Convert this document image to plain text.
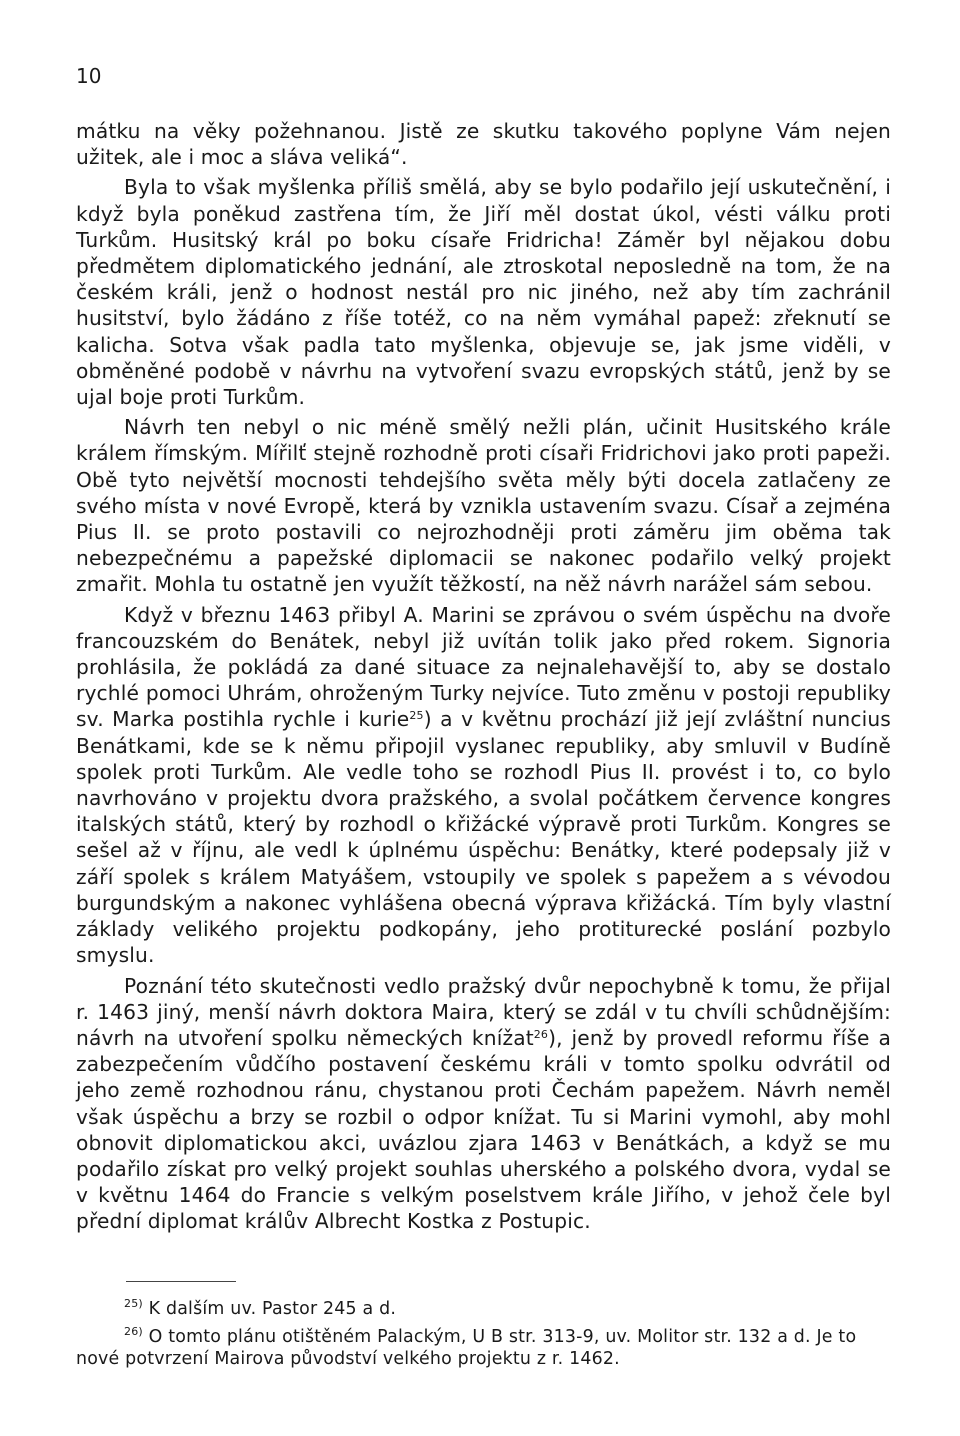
10

mátku na věky požehnanou. Jistě ze skutku takového poplyne Vám nejen užitek, ale i moc a sláva veliká“.

Byla to však myšlenka příliš smělá, aby se bylo podařilo její uskutečnění, i když byla poněkud zastřena tím, že Jiří měl dostat úkol, vésti válku proti Turkům. Husitský král po boku císaře Fridricha! Záměr byl nějakou dobu předmětem diplomatického jednání, ale ztroskotal neposledně na tom, že na českém králi, jenž o hodnost nestál pro nic jiného, než aby tím zachránil husitství, bylo žádáno z říše totéž, co na něm vymáhal papež: zřeknutí se kalicha. Sotva však padla tato myšlenka, objevuje se, jak jsme viděli, v obměněné podobě v návrhu na vytvoření svazu evropských států, jenž by se ujal boje proti Turkům.

Návrh ten nebyl o nic méně smělý nežli plán, učinit Husitského krále králem římským. Mířilť stejně rozhodně proti císaři Fridrichovi jako proti papeži. Obě tyto největší mocnosti tehdejšího světa měly býti docela zatlačeny ze svého místa v nové Evropě, která by vznikla ustavením svazu. Císař a zejména Pius II. se proto postavili co nejrozhodněji proti záměru jim oběma tak nebezpečnému a papežské diplomacii se nakonec podařilo velký projekt zmařit. Mohla tu ostatně jen využít těžkostí, na něž návrh narážel sám sebou.

Když v březnu 1463 přibyl A. Marini se zprávou o svém úspěchu na dvoře francouzském do Benátek, nebyl již uvítán tolik jako před rokem. Signoria prohlásila, že pokládá za dané situace za nejnalehavější to, aby se dostalo rychlé pomoci Uhrám, ohroženým Turky nejvíce. Tuto změnu v postoji republiky sv. Marka postihla rychle i kurie$^{25}$) a v květnu prochází již její zvláštní nuncius Benátkami, kde se k němu připojil vyslanec republiky, aby smluvil v Budíně spolek proti Turkům. Ale vedle toho se rozhodl Pius II. provést i to, co bylo navrhováno v projektu dvora pražského, a svolal počátkem července kongres italských států, který by rozhodl o křižácké výpravě proti Turkům. Kongres se sešel až v říjnu, ale vedl k úplnému úspěchu: Benátky, které podepsaly již v září spolek s králem Matyášem, vstoupily ve spolek s papežem a s vévodou burgundským a nakonec vyhlášena obecná výprava křižácká. Tím byly vlastní základy velikého projektu podkopány, jeho protiturecké poslání pozbylo smyslu.

Poznání této skutečnosti vedlo pražský dvůr nepochybně k tomu, že přijal r. 1463 jiný, menší návrh doktora Maira, který se zdál v tu chvíli schůdnějším: návrh na utvoření spolku německých knížat$^{26}$), jenž by provedl reformu říše a zabezpečením vůdčího postavení českému králi v tomto spolku odvrátil od jeho země rozhodnou ránu, chystanou proti Čechám papežem. Návrh neměl však úspěchu a brzy se rozbil o odpor knížat. Tu si Marini vymohl, aby mohl obnovit diplomatickou akci, uvázlou zjara 1463 v Benátkách, a když se mu podařilo získat pro velký projekt souhlas uherského a polského dvora, vydal se v květnu 1464 do Francie s velkým poselstvem krále Jiřího, v jehož čele byl přední diplomat králův Albrecht Kostka z Postupic.

$^{25)}$ K dalším uv. Pastor 245 a d.

$^{26)}$ O tomto plánu otištěném Palackým, U B str. 313-9, uv. Molitor str. 132 a d. Je to nové potvrzení Mairova původství velkého projektu z r. 1462.
